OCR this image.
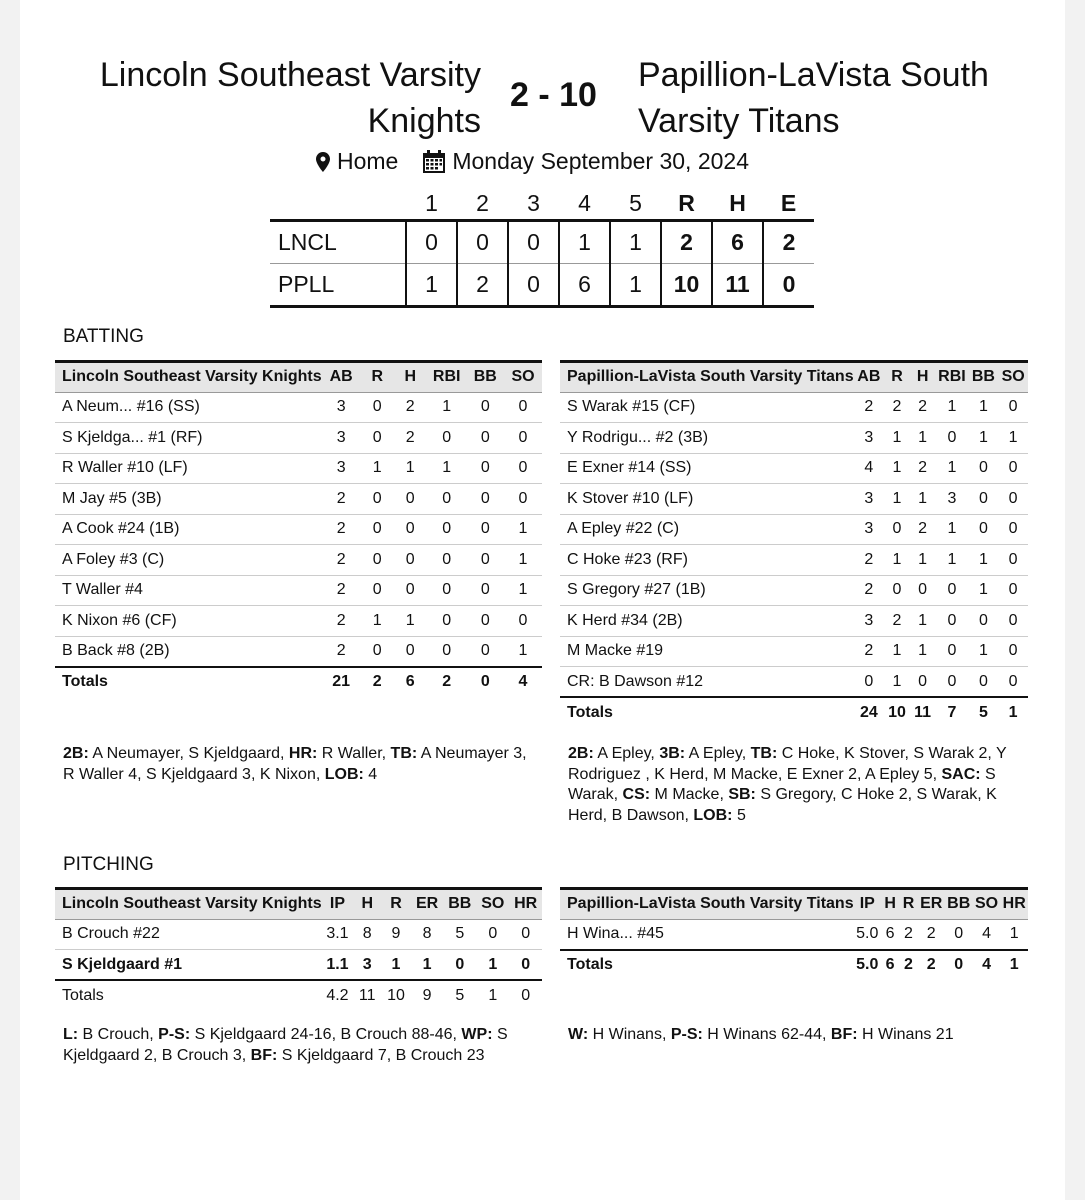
Lincoln Southeast Varsity
Knights
2 - 10
Papillion-LaVista South
Varsity Titans
Home Monday September 30, 2024
	1	2	3	4	5	R	H	E
LNCL	0	0	0	1	1	2	6	2
PPLL	1	2	0	6	1	10	11	0
BATTING
Lincoln Southeast Varsity Knights	AB	R	H	RBI	BB	SO
A Neum... #16 (SS)	3	0	2	1	0	0
S Kjeldga... #1 (RF)	3	0	2	0	0	0
R Waller #10 (LF)	3	1	1	1	0	0
M Jay #5 (3B)	2	0	0	0	0	0
A Cook #24 (1B)	2	0	0	0	0	1
A Foley #3 (C)	2	0	0	0	0	1
T Waller #4	2	0	0	0	0	1
K Nixon #6 (CF)	2	1	1	0	0	0
B Back #8 (2B)	2	0	0	0	0	1
Totals	21	2	6	2	0	4
Papillion-LaVista South Varsity Titans	AB	R	H	RBI	BB	SO
S Warak #15 (CF)	2	2	2	1	1	0
Y Rodrigu... #2 (3B)	3	1	1	0	1	1
E Exner #14 (SS)	4	1	2	1	0	0
K Stover #10 (LF)	3	1	1	3	0	0
A Epley #22 (C)	3	0	2	1	0	0
C Hoke #23 (RF)	2	1	1	1	1	0
S Gregory #27 (1B)	2	0	0	0	1	0
K Herd #34 (2B)	3	2	1	0	0	0
M Macke #19	2	1	1	0	1	0
CR: B Dawson #12	0	1	0	0	0	0
Totals	24	10	11	7	5	1
2B: A Neumayer, S Kjeldgaard, HR: R Waller, TB: A Neumayer 3, R Waller 4, S Kjeldgaard 3, K Nixon, LOB: 4
2B: A Epley, 3B: A Epley, TB: C Hoke, K Stover, S Warak 2, Y Rodriguez , K Herd, M Macke, E Exner 2, A Epley 5, SAC: S Warak, CS: M Macke, SB: S Gregory, C Hoke 2, S Warak, K Herd, B Dawson, LOB: 5
PITCHING
Lincoln Southeast Varsity Knights	IP	H	R	ER	BB	SO	HR
B Crouch #22	3.1	8	9	8	5	0	0
S Kjeldgaard #1	1.1	3	1	1	0	1	0
Totals	4.2	11	10	9	5	1	0
Papillion-LaVista South Varsity Titans	IP	H	R	ER	BB	SO	HR
H Wina... #45	5.0	6	2	2	0	4	1
Totals	5.0	6	2	2	0	4	1
L: B Crouch, P-S: S Kjeldgaard 24-16, B Crouch 88-46, WP: S Kjeldgaard 2, B Crouch 3, BF: S Kjeldgaard 7, B Crouch 23
W: H Winans, P-S: H Winans 62-44, BF: H Winans 21
